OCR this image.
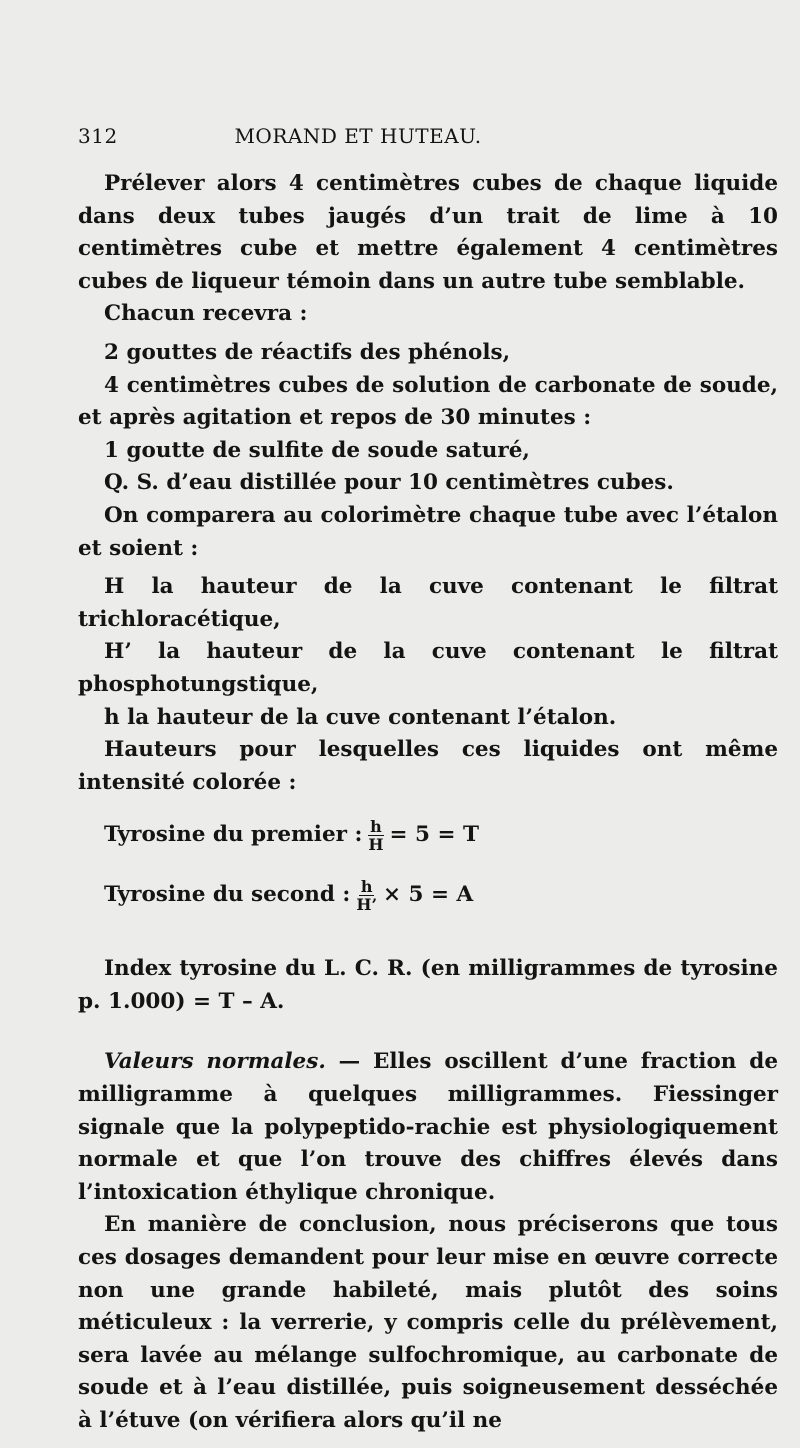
312	MORAND ET HUTEAU.

Prélever alors 4 centimètres cubes de chaque liquide dans deux tubes jaugés d’un trait de lime à 10 centimètres cube et mettre également 4 centimètres cubes de liqueur témoin dans un autre tube semblable.

Chacun recevra :

2 gouttes de réactifs des phénols,

4 centimètres cubes de solution de carbonate de soude, et après agitation et repos de 30 minutes :

1 goutte de sulfite de soude saturé,

Q. S. d’eau distillée pour 10 centimètres cubes.

On comparera au colorimètre chaque tube avec l’étalon et soient :

H la hauteur de la cuve contenant le filtrat trichloracétique,

H’ la hauteur de la cuve contenant le filtrat phosphotungstique,

h la hauteur de la cuve contenant l’étalon.

Hauteurs pour lesquelles ces liquides ont même intensité colorée :

Tyrosine du premier : $\frac{h}{H} = 5 = T$
Tyrosine du second : $\frac{h}{H’} \times 5 = A$

Index tyrosine du L. C. R. (en milligrammes de tyrosine p. 1.000) = T – A.

Valeurs normales. — Elles oscillent d’une fraction de milligramme à quelques milligrammes. Fiessinger signale que la polypeptido-rachie est physiologiquement normale et que l’on trouve des chiffres élevés dans l’intoxication éthylique chronique.

En manière de conclusion, nous préciserons que tous ces dosages demandent pour leur mise en œuvre correcte non une grande habileté, mais plutôt des soins méticuleux : la verrerie, y compris celle du prélèvement, sera lavée au mélange sulfochromique, au carbonate de soude et à l’eau distillée, puis soigneusement desséchée à l’étuve (on vérifiera alors qu’il ne
